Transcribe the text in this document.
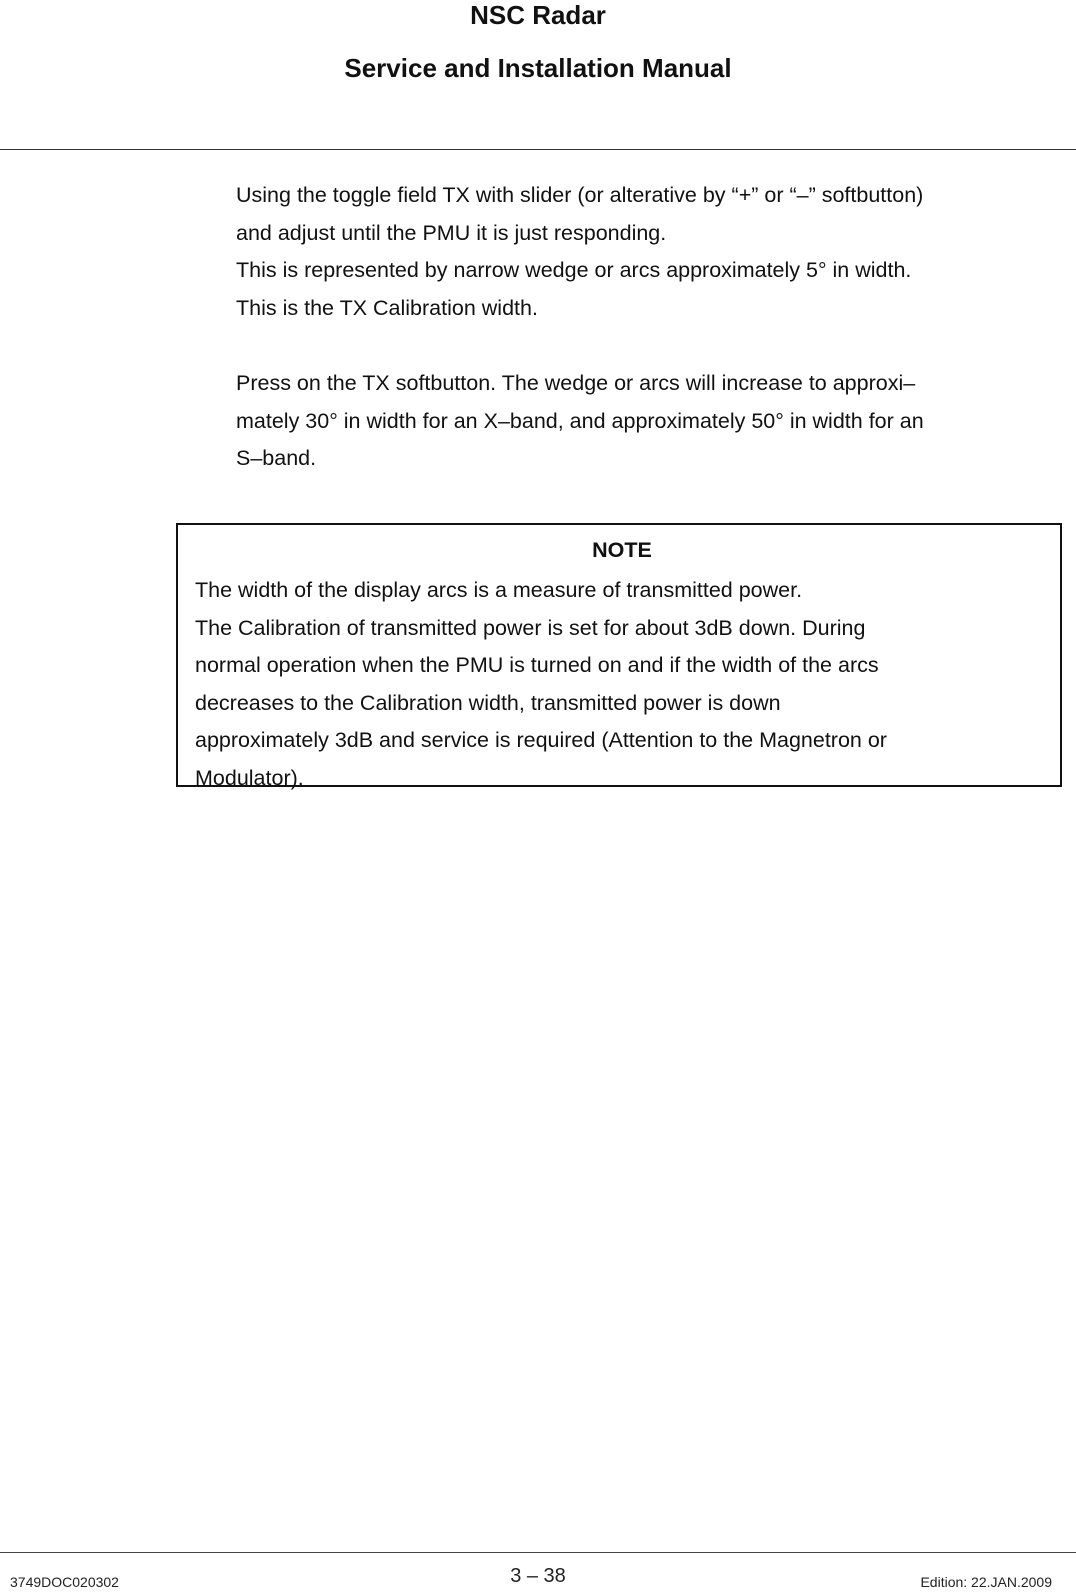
NSC Radar
Service and Installation Manual

Using the toggle field TX with slider (or alterative by “+” or “–” softbutton)

and adjust until the PMU it is just responding.

This is represented by narrow wedge or arcs approximately 5° in width.

This is the TX Calibration width.

Press on the TX softbutton. The wedge or arcs will increase to approxi–

mately 30° in width for an X–band, and approximately 50° in width for an

S–band.

NOTE

The width of the display arcs is a measure of transmitted power.

The Calibration of transmitted power is set for about 3dB down. During

normal operation when the PMU is turned on and if the width of the arcs

decreases to the Calibration width, transmitted power is down

approximately 3dB and service is required (Attention to the Magnetron or

Modulator).

3749DOC020302	3 – 38	Edition: 22.JAN.2009
